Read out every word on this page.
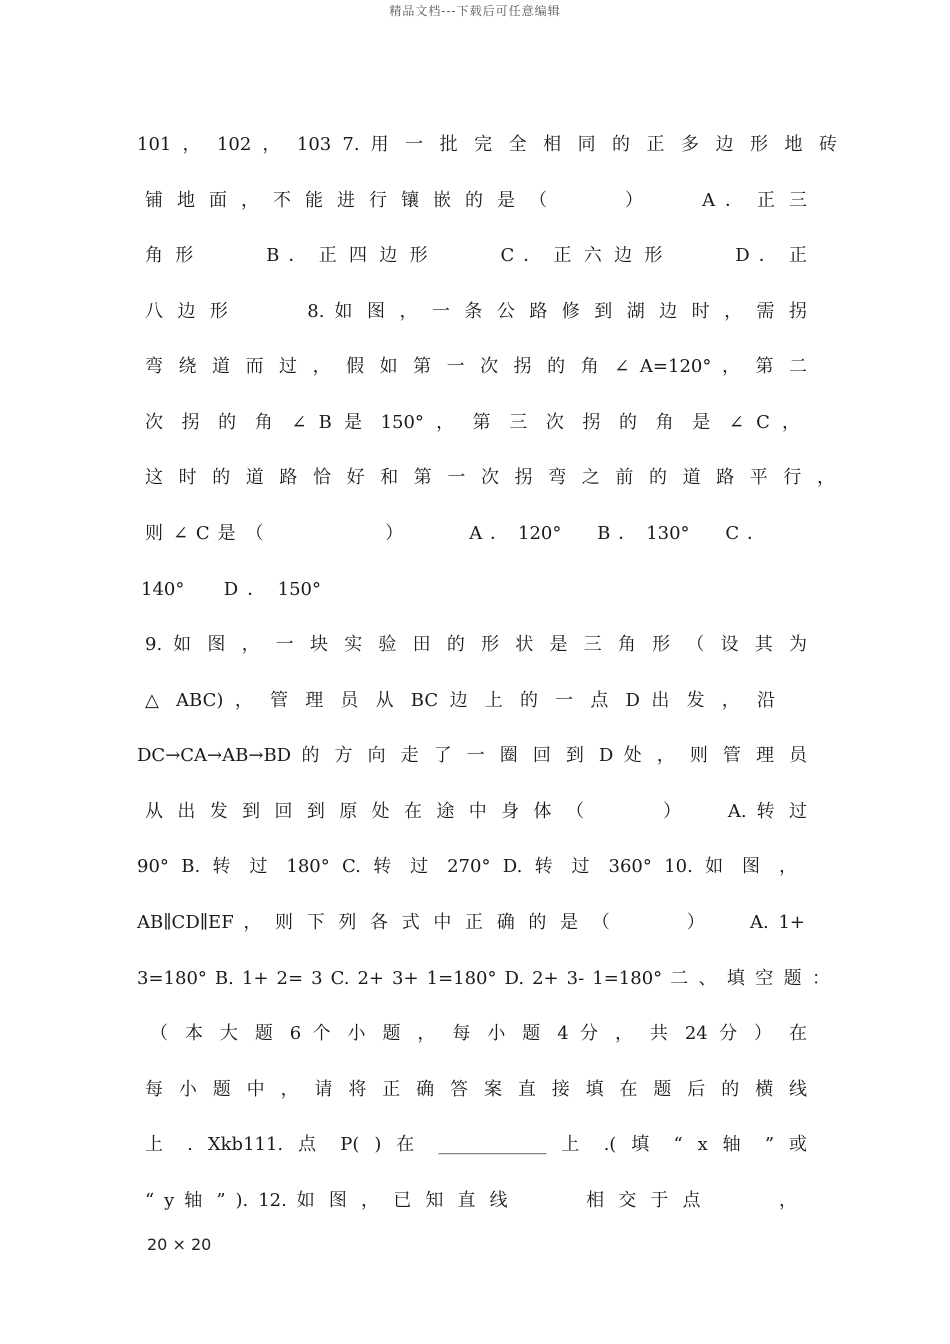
精品文档---下载后可任意编辑
101 ， 102 ， 103 7. 用 一 批 完 全 相 同 的 正 多 边 形 地 砖
铺 地 面 ， 不 能 进 行 镶 嵌 的 是 （ 　 　 ）　 　 A ． 正 三
角 形 　 　 B ． 正 四 边 形 　 　 C ． 正 六 边 形 　 　 D ． 正
八 边 形 　 　 8. 如 图 ， 一 条 公 路 修 到 湖 边 时 ， 需 拐
弯 绕 道 而 过 ， 假 如 第 一 次 拐 的 角 ∠ A=120° ， 第 二
次 拐 的 角 ∠ B 是 150° ， 第 三 次 拐 的 角 是 ∠ C ，
这 时 的 道 路 恰 好 和 第 一 次 拐 弯 之 前 的 道 路 平 行 ，
则 ∠ C 是 （ 　 　 　 　 ） 　 　 A ． 120° 　 B ． 130° 　 C ．
140° 　 D ． 150°
9. 如 图 ， 一 块 实 验 田 的 形 状 是 三 角 形 （ 设 其 为
△ ABC) ， 管 理 员 从 BC 边 上 的 一 点 D 出 发 ， 沿
DC→CA→AB→BD 的 方 向 走 了 一 圈 回 到 D 处 ， 则 管 理 员
从 出 发 到 回 到 原 处 在 途 中 身 体 （ 　 　 ） 　 A. 转 过
90° B. 转 过 180° C. 转 过 270° D. 转 过 360° 10. 如 图 ，
AB∥CD∥EF ， 则 下 列 各 式 中 正 确 的 是 （ 　 　 ） 　 A. 1+
3=180° B. 1+ 2= 3 C. 2+ 3+ 1=180° D. 2+ 3- 1=180° 二 、 填 空 题 ：
（ 本 大 题 6 个 小 题 ， 每 小 题 4 分 ， 共 24 分 ） 在
每 小 题 中 ， 请 将 正 确 答 案 直 接 填 在 题 后 的 横 线
上 . Xkb111. 点 P( ) 在 ____________ 上 .( 填 “ x 轴 ” 或
“ y 轴 ” ). 12. 如 图 ， 已 知 直 线 　 　 相 交 于 点 　 　 ，
20 × 20
